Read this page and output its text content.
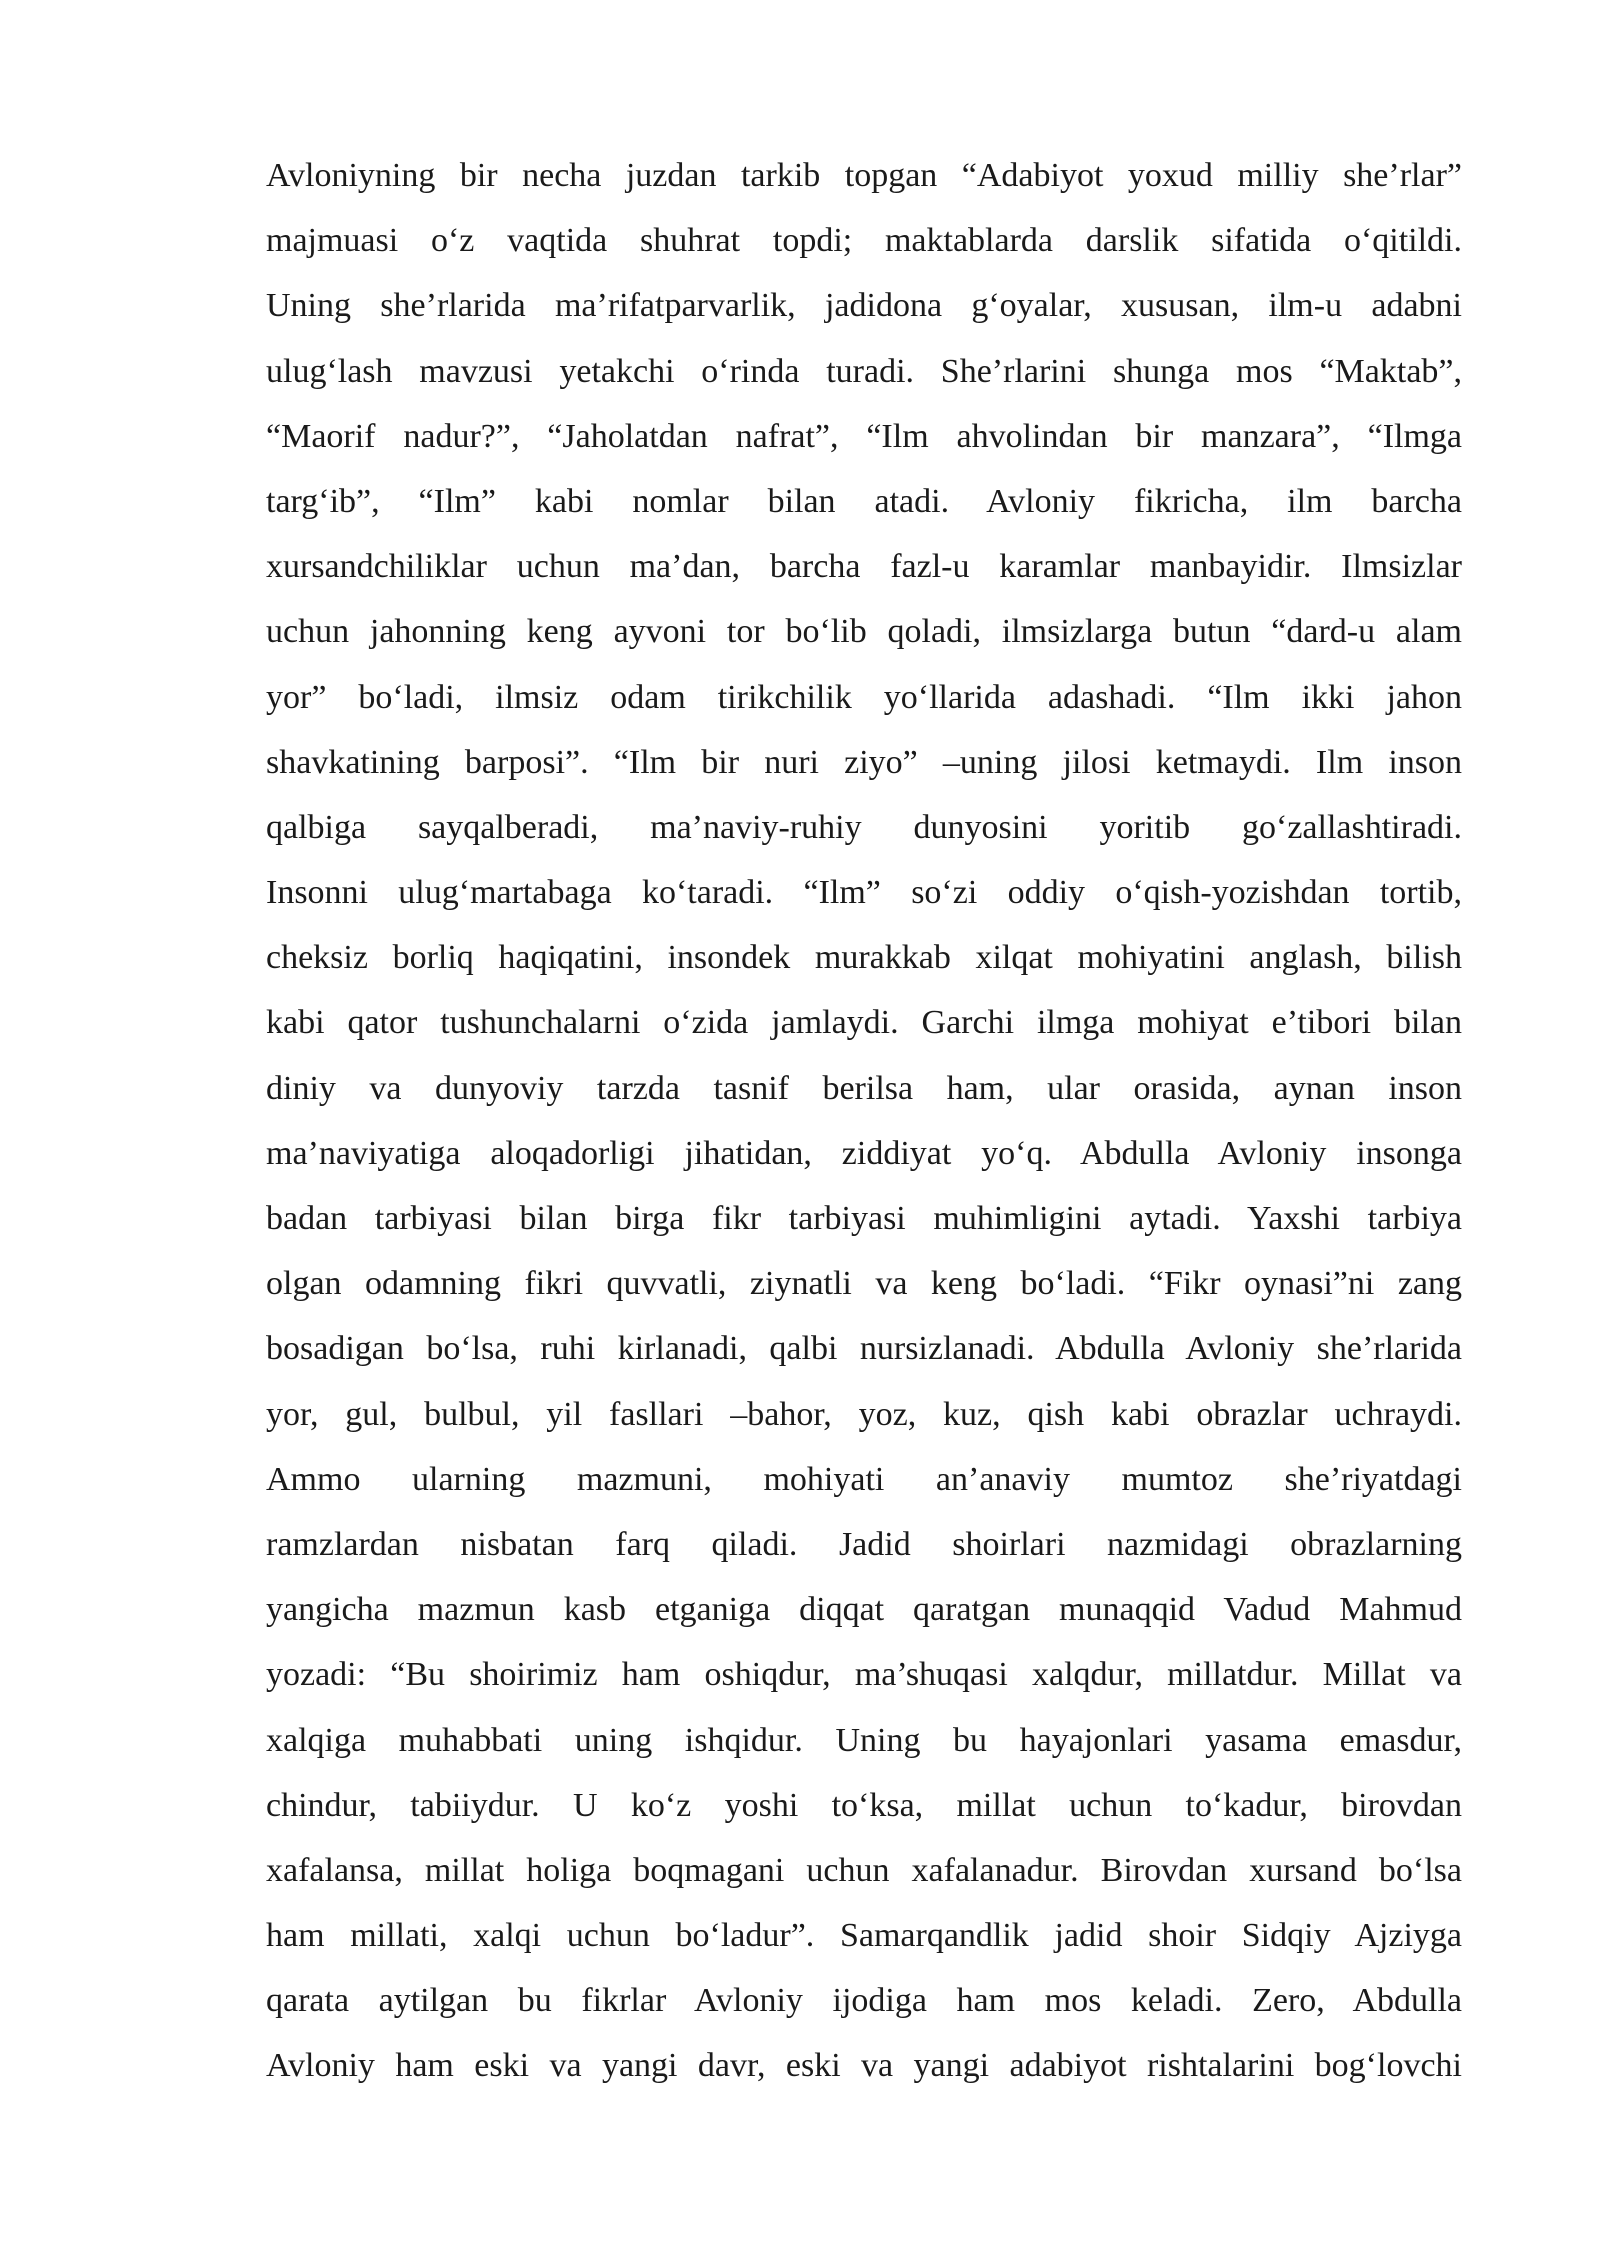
Avloniyning bir necha juzdan tarkib topgan “Adabiyot yoxud milliy she’rlar”
majmuasi o‘z vaqtida shuhrat topdi; maktablarda darslik sifatida o‘qitildi.
Uning she’rlarida ma’rifatparvarlik, jadidona g‘oyalar, xususan, ilm-u adabni
ulug‘lash mavzusi yetakchi o‘rinda turadi. She’rlarini shunga mos “Maktab”,
“Maorif nadur?”, “Jaholatdan nafrat”, “Ilm ahvolindan bir manzara”, “Ilmga
targ‘ib”, “Ilm” kabi nomlar bilan atadi. Avloniy fikricha, ilm barcha
xursandchiliklar uchun ma’dan, barcha fazl-u karamlar manbayidir. Ilmsizlar
uchun jahonning keng ayvoni tor bo‘lib qoladi, ilmsizlarga butun “dard-u alam
yor” bo‘ladi, ilmsiz odam tirikchilik yo‘llarida adashadi. “Ilm ikki jahon
shavkatining barposi”. “Ilm bir nuri ziyo” –uning jilosi ketmaydi. Ilm inson
qalbiga sayqalberadi, ma’naviy-ruhiy dunyosini yoritib go‘zallashtiradi.
Insonni ulug‘martabaga ko‘taradi. “Ilm” so‘zi oddiy o‘qish-yozishdan tortib,
cheksiz borliq haqiqatini, insondek murakkab xilqat mohiyatini anglash, bilish
kabi qator tushunchalarni o‘zida jamlaydi. Garchi ilmga mohiyat e’tibori bilan
diniy va dunyoviy tarzda tasnif berilsa ham, ular orasida, aynan inson
ma’naviyatiga aloqadorligi jihatidan, ziddiyat yo‘q. Abdulla Avloniy insonga
badan tarbiyasi bilan birga fikr tarbiyasi muhimligini aytadi. Yaxshi tarbiya
olgan odamning fikri quvvatli, ziynatli va keng bo‘ladi. “Fikr oynasi”ni zang
bosadigan bo‘lsa, ruhi kirlanadi, qalbi nursizlanadi. Abdulla Avloniy she’rlarida
yor, gul, bulbul, yil fasllari –bahor, yoz, kuz, qish kabi obrazlar uchraydi.
Ammo ularning mazmuni, mohiyati an’anaviy mumtoz she’riyatdagi
ramzlardan nisbatan farq qiladi. Jadid shoirlari nazmidagi obrazlarning
yangicha mazmun kasb etganiga diqqat qaratgan munaqqid Vadud Mahmud
yozadi: “Bu shoirimiz ham oshiqdur, ma’shuqasi xalqdur, millatdur. Millat va
xalqiga muhabbati uning ishqidur. Uning bu hayajonlari yasama emasdur,
chindur, tabiiydur. U ko‘z yoshi to‘ksa, millat uchun to‘kadur, birovdan
xafalansa, millat holiga boqmagani uchun xafalanadur. Birovdan xursand bo‘lsa
ham millati, xalqi uchun bo‘ladur”. Samarqandlik jadid shoir Sidqiy Ajziyga
qarata aytilgan bu fikrlar Avloniy ijodiga ham mos keladi. Zero, Abdulla
Avloniy ham eski va yangi davr, eski va yangi adabiyot rishtalarini bog‘lovchi
